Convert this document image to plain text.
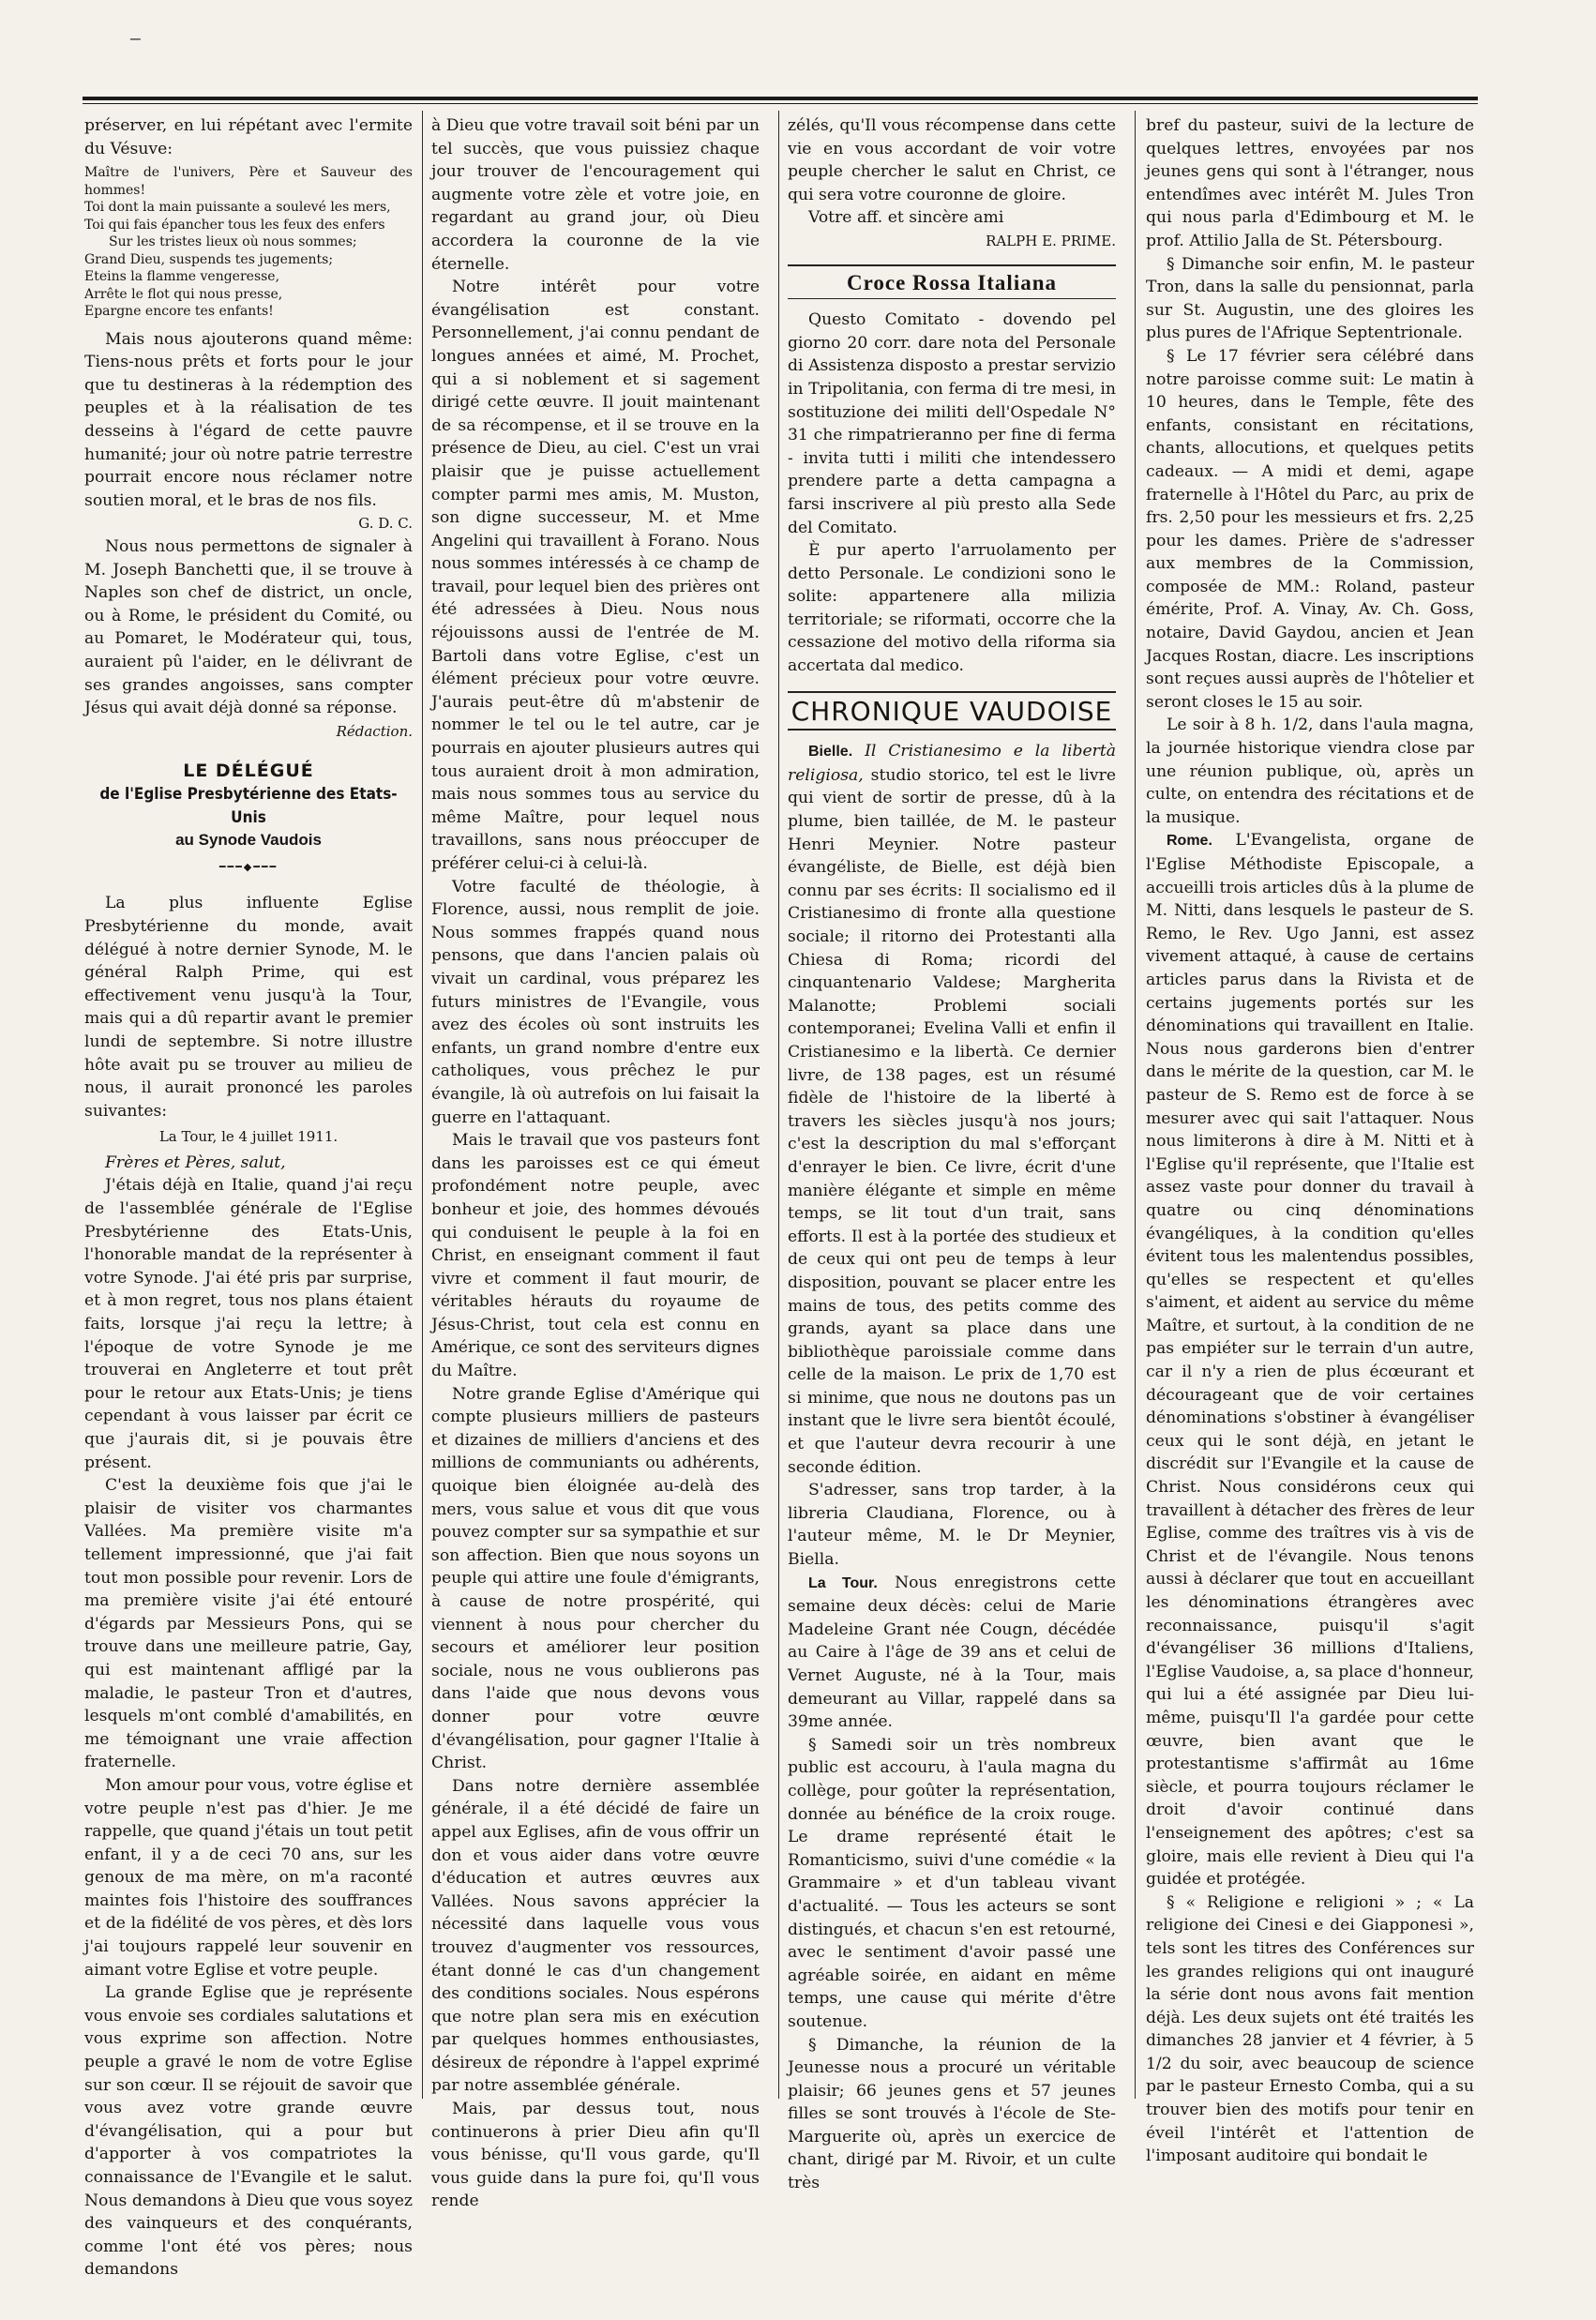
‒

préserver, en lui répétant avec l'ermite du Vésuve:

Maître de l'univers, Père et Sauveur des hommes!
Toi dont la main puissante a soulevé les mers,
Toi qui fais épancher tous les feux des enfers
Sur les tristes lieux où nous sommes;
Grand Dieu, suspends tes jugements;
Eteins la flamme vengeresse,
Arrête le flot qui nous presse,
Epargne encore tes enfants!

Mais nous ajouterons quand même: Tiens-nous prêts et forts pour le jour que tu destineras à la rédemption des peuples et à la réalisation de tes desseins à l'égard de cette pauvre humanité; jour où notre patrie terrestre pourrait encore nous réclamer notre soutien moral, et le bras de nos fils.

G. D. C.

Nous nous permettons de signaler à M. Joseph Banchetti que, il se trouve à Naples son chef de district, un oncle, ou à Rome, le président du Comité, ou au Pomaret, le Modérateur qui, tous, auraient pû l'aider, en le délivrant de ses grandes angoisses, sans compter Jésus qui avait déjà donné sa réponse.

Rédaction.
LE DÉLÉGUÉ
de l'Eglise Presbytérienne des Etats-Unis
au Synode Vaudois
━━━◆━━━

La plus influente Eglise Presbytérienne du monde, avait délégué à notre dernier Synode, M. le général Ralph Prime, qui est effectivement venu jusqu'à la Tour, mais qui a dû repartir avant le premier lundi de septembre. Si notre illustre hôte avait pu se trouver au milieu de nous, il aurait prononcé les paroles suivantes:

La Tour, le 4 juillet 1911.

Frères et Pères, salut,

J'étais déjà en Italie, quand j'ai reçu de l'assemblée générale de l'Eglise Presbytérienne des Etats-Unis, l'honorable mandat de la représenter à votre Synode. J'ai été pris par surprise, et à mon regret, tous nos plans étaient faits, lorsque j'ai reçu la lettre; à l'époque de votre Synode je me trouverai en Angleterre et tout prêt pour le retour aux Etats-Unis; je tiens cependant à vous laisser par écrit ce que j'aurais dit, si je pouvais être présent.

C'est la deuxième fois que j'ai le plaisir de visiter vos charmantes Vallées. Ma première visite m'a tellement impressionné, que j'ai fait tout mon possible pour revenir. Lors de ma première visite j'ai été entouré d'égards par Messieurs Pons, qui se trouve dans une meilleure patrie, Gay, qui est maintenant affligé par la maladie, le pasteur Tron et d'autres, lesquels m'ont comblé d'amabilités, en me témoignant une vraie affection fraternelle.

Mon amour pour vous, votre église et votre peuple n'est pas d'hier. Je me rappelle, que quand j'étais un tout petit enfant, il y a de ceci 70 ans, sur les genoux de ma mère, on m'a raconté maintes fois l'histoire des souffrances et de la fidélité de vos pères, et dès lors j'ai toujours rappelé leur souvenir en aimant votre Eglise et votre peuple.

La grande Eglise que je représente vous envoie ses cordiales salutations et vous exprime son affection. Notre peuple a gravé le nom de votre Eglise sur son cœur. Il se réjouit de savoir que vous avez votre grande œuvre d'évangélisation, qui a pour but d'apporter à vos compatriotes la connaissance de l'Evangile et le salut. Nous demandons à Dieu que vous soyez des vainqueurs et des conquérants, comme l'ont été vos pères; nous demandons

à Dieu que votre travail soit béni par un tel succès, que vous puissiez chaque jour trouver de l'encouragement qui augmente votre zèle et votre joie, en regardant au grand jour, où Dieu accordera la couronne de la vie éternelle.

Notre intérêt pour votre évangélisation est constant. Personnellement, j'ai connu pendant de longues années et aimé, M. Prochet, qui a si noblement et si sagement dirigé cette œuvre. Il jouit maintenant de sa récompense, et il se trouve en la présence de Dieu, au ciel. C'est un vrai plaisir que je puisse actuellement compter parmi mes amis, M. Muston, son digne successeur, M. et Mme Angelini qui travaillent à Forano. Nous nous sommes intéressés à ce champ de travail, pour lequel bien des prières ont été adressées à Dieu. Nous nous réjouissons aussi de l'entrée de M. Bartoli dans votre Eglise, c'est un élément précieux pour votre œuvre. J'aurais peut-être dû m'abstenir de nommer le tel ou le tel autre, car je pourrais en ajouter plusieurs autres qui tous auraient droit à mon admiration, mais nous sommes tous au service du même Maître, pour lequel nous travaillons, sans nous préoccuper de préférer celui-ci à celui-là.

Votre faculté de théologie, à Florence, aussi, nous remplit de joie. Nous sommes frappés quand nous pensons, que dans l'ancien palais où vivait un cardinal, vous préparez les futurs ministres de l'Evangile, vous avez des écoles où sont instruits les enfants, un grand nombre d'entre eux catholiques, vous prêchez le pur évangile, là où autrefois on lui faisait la guerre en l'attaquant.

Mais le travail que vos pasteurs font dans les paroisses est ce qui émeut profondément notre peuple, avec bonheur et joie, des hommes dévoués qui conduisent le peuple à la foi en Christ, en enseignant comment il faut vivre et comment il faut mourir, de véritables hérauts du royaume de Jésus-Christ, tout cela est connu en Amérique, ce sont des serviteurs dignes du Maître.

Notre grande Eglise d'Amérique qui compte plusieurs milliers de pasteurs et dizaines de milliers d'anciens et des millions de communiants ou adhérents, quoique bien éloignée au-delà des mers, vous salue et vous dit que vous pouvez compter sur sa sympathie et sur son affection. Bien que nous soyons un peuple qui attire une foule d'émigrants, à cause de notre prospérité, qui viennent à nous pour chercher du secours et améliorer leur position sociale, nous ne vous oublierons pas dans l'aide que nous devons vous donner pour votre œuvre d'évangélisation, pour gagner l'Italie à Christ.

Dans notre dernière assemblée générale, il a été décidé de faire un appel aux Eglises, afin de vous offrir un don et vous aider dans votre œuvre d'éducation et autres œuvres aux Vallées. Nous savons apprécier la nécessité dans laquelle vous vous trouvez d'augmenter vos ressources, étant donné le cas d'un changement des conditions sociales. Nous espérons que notre plan sera mis en exécution par quelques hommes enthousiastes, désireux de répondre à l'appel exprimé par notre assemblée générale.

Mais, par dessus tout, nous continuerons à prier Dieu afin qu'Il vous bénisse, qu'Il vous garde, qu'Il vous guide dans la pure foi, qu'Il vous rende

zélés, qu'Il vous récompense dans cette vie en vous accordant de voir votre peuple chercher le salut en Christ, ce qui sera votre couronne de gloire.

Votre aff. et sincère ami

RALPH E. PRIME.
Croce Rossa Italiana

Questo Comitato - dovendo pel giorno 20 corr. dare nota del Personale di Assistenza disposto a prestar servizio in Tripolitania, con ferma di tre mesi, in sostituzione dei militi dell'Ospedale N° 31 che rimpatrieranno per fine di ferma - invita tutti i militi che intendessero prendere parte a detta campagna a farsi inscrivere al più presto alla Sede del Comitato.

È pur aperto l'arruolamento per detto Personale. Le condizioni sono le solite: appartenere alla milizia territoriale; se riformati, occorre che la cessazione del motivo della riforma sia accertata dal medico.

CHRONIQUE VAUDOISE

Bielle. Il Cristianesimo e la libertà religiosa, studio storico, tel est le livre qui vient de sortir de presse, dû à la plume, bien taillée, de M. le pasteur Henri Meynier. Notre pasteur évangéliste, de Bielle, est déjà bien connu par ses écrits: Il socialismo ed il Cristianesimo di fronte alla questione sociale; il ritorno dei Protestanti alla Chiesa di Roma; ricordi del cinquantenario Valdese; Margherita Malanotte; Problemi sociali contemporanei; Evelina Valli et enfin il Cristianesimo e la libertà. Ce dernier livre, de 138 pages, est un résumé fidèle de l'histoire de la liberté à travers les siècles jusqu'à nos jours; c'est la description du mal s'efforçant d'enrayer le bien. Ce livre, écrit d'une manière élégante et simple en même temps, se lit tout d'un trait, sans efforts. Il est à la portée des studieux et de ceux qui ont peu de temps à leur disposition, pouvant se placer entre les mains de tous, des petits comme des grands, ayant sa place dans une bibliothèque paroissiale comme dans celle de la maison. Le prix de 1,70 est si minime, que nous ne doutons pas un instant que le livre sera bientôt écoulé, et que l'auteur devra recourir à une seconde édition.

S'adresser, sans trop tarder, à la libreria Claudiana, Florence, ou à l'auteur même, M. le Dr Meynier, Biella.

La Tour. Nous enregistrons cette semaine deux décès: celui de Marie Madeleine Grant née Cougn, décédée au Caire à l'âge de 39 ans et celui de Vernet Auguste, né à la Tour, mais demeurant au Villar, rappelé dans sa 39me année.

§ Samedi soir un très nombreux public est accouru, à l'aula magna du collège, pour goûter la représentation, donnée au bénéfice de la croix rouge. Le drame représenté était le Romanticismo, suivi d'une comédie « la Grammaire » et d'un tableau vivant d'actualité. — Tous les acteurs se sont distingués, et chacun s'en est retourné, avec le sentiment d'avoir passé une agréable soirée, en aidant en même temps, une cause qui mérite d'être soutenue.

§ Dimanche, la réunion de la Jeunesse nous a procuré un véritable plaisir; 66 jeunes gens et 57 jeunes filles se sont trouvés à l'école de Ste-Marguerite où, après un exercice de chant, dirigé par M. Rivoir, et un culte très

bref du pasteur, suivi de la lecture de quelques lettres, envoyées par nos jeunes gens qui sont à l'étranger, nous entendîmes avec intérêt M. Jules Tron qui nous parla d'Edimbourg et M. le prof. Attilio Jalla de St. Pétersbourg.

§ Dimanche soir enfin, M. le pasteur Tron, dans la salle du pensionnat, parla sur St. Augustin, une des gloires les plus pures de l'Afrique Septentrionale.

§ Le 17 février sera célébré dans notre paroisse comme suit: Le matin à 10 heures, dans le Temple, fête des enfants, consistant en récitations, chants, allocutions, et quelques petits cadeaux. — A midi et demi, agape fraternelle à l'Hôtel du Parc, au prix de frs. 2,50 pour les messieurs et frs. 2,25 pour les dames. Prière de s'adresser aux membres de la Commission, composée de MM.: Roland, pasteur émérite, Prof. A. Vinay, Av. Ch. Goss, notaire, David Gaydou, ancien et Jean Jacques Rostan, diacre. Les inscriptions sont reçues aussi auprès de l'hôtelier et seront closes le 15 au soir.

Le soir à 8 h. 1/2, dans l'aula magna, la journée historique viendra close par une réunion publique, où, après un culte, on entendra des récitations et de la musique.

Rome. L'Evangelista, organe de l'Eglise Méthodiste Episcopale, a accueilli trois articles dûs à la plume de M. Nitti, dans lesquels le pasteur de S. Remo, le Rev. Ugo Janni, est assez vivement attaqué, à cause de certains articles parus dans la Rivista et de certains jugements portés sur les dénominations qui travaillent en Italie. Nous nous garderons bien d'entrer dans le mérite de la question, car M. le pasteur de S. Remo est de force à se mesurer avec qui sait l'attaquer. Nous nous limiterons à dire à M. Nitti et à l'Eglise qu'il représente, que l'Italie est assez vaste pour donner du travail à quatre ou cinq dénominations évangéliques, à la condition qu'elles évitent tous les malentendus possibles, qu'elles se respectent et qu'elles s'aiment, et aident au service du même Maître, et surtout, à la condition de ne pas empiéter sur le terrain d'un autre, car il n'y a rien de plus écœurant et décourageant que de voir certaines dénominations s'obstiner à évangéliser ceux qui le sont déjà, en jetant le discrédit sur l'Evangile et la cause de Christ. Nous considérons ceux qui travaillent à détacher des frères de leur Eglise, comme des traîtres vis à vis de Christ et de l'évangile. Nous tenons aussi à déclarer que tout en accueillant les dénominations étrangères avec reconnaissance, puisqu'il s'agit d'évangéliser 36 millions d'Italiens, l'Eglise Vaudoise, a, sa place d'honneur, qui lui a été assignée par Dieu lui-même, puisqu'Il l'a gardée pour cette œuvre, bien avant que le protestantisme s'affirmât au 16me siècle, et pourra toujours réclamer le droit d'avoir continué dans l'enseignement des apôtres; c'est sa gloire, mais elle revient à Dieu qui l'a guidée et protégée.

§ « Religione e religioni » ; « La religione dei Cinesi e dei Giapponesi », tels sont les titres des Conférences sur les grandes religions qui ont inauguré la série dont nous avons fait mention déjà. Les deux sujets ont été traités les dimanches 28 janvier et 4 février, à 5 1/2 du soir, avec beaucoup de science par le pasteur Ernesto Comba, qui a su trouver bien des motifs pour tenir en éveil l'intérêt et l'attention de l'imposant auditoire qui bondait le
